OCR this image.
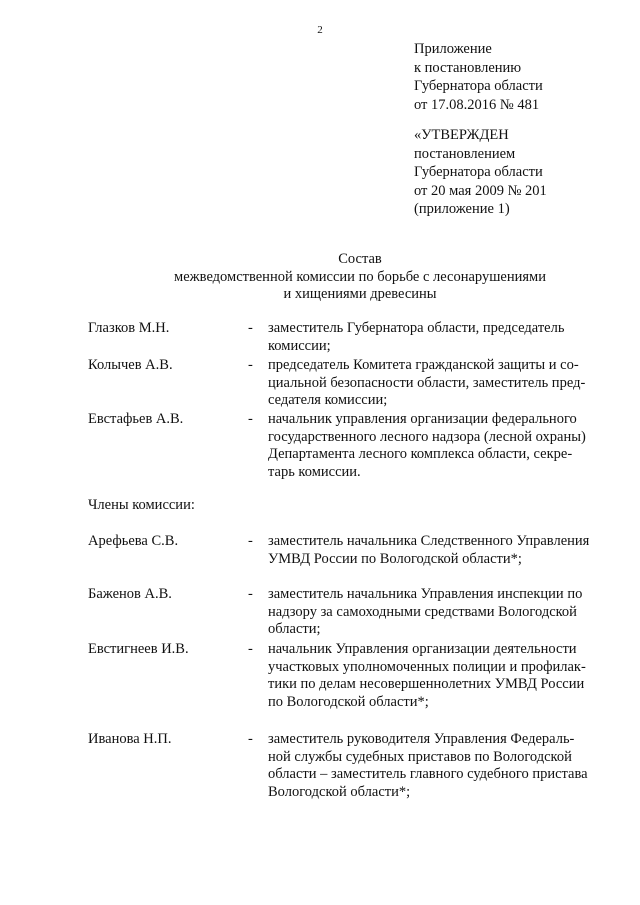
2
Приложение
к постановлению
Губернатора области
от 17.08.2016 № 481
«УТВЕРЖДЕН
постановлением
Губернатора области
от 20 мая 2009 № 201
(приложение 1)
Состав
межведомственной комиссии по борьбе с лесонарушениями
и хищениями древесины
Глазков М.Н.	- заместитель Губернатора области, председатель
комиссии;
Колычев А.В.	- председатель Комитета гражданской защиты и со-
циальной безопасности области, заместитель пред-
седателя комиссии;
Евстафьев А.В.	- начальник управления организации федерального
государственного лесного надзора (лесной охраны)
Департамента лесного комплекса области, секре-
тарь комиссии.
Члены комиссии:
Арефьева С.В.	- заместитель начальника Следственного Управления
УМВД России по Вологодской области*;
Баженов А.В.	- заместитель начальника Управления инспекции по
надзору за самоходными средствами Вологодской
области;
Евстигнеев И.В.	- начальник Управления организации деятельности
участковых уполномоченных полиции и профилак-
тики по делам несовершеннолетних УМВД России
по Вологодской области*;
Иванова Н.П.	- заместитель руководителя Управления Федераль-
ной службы судебных приставов по Вологодской
области – заместитель главного судебного пристава
Вологодской области*;
